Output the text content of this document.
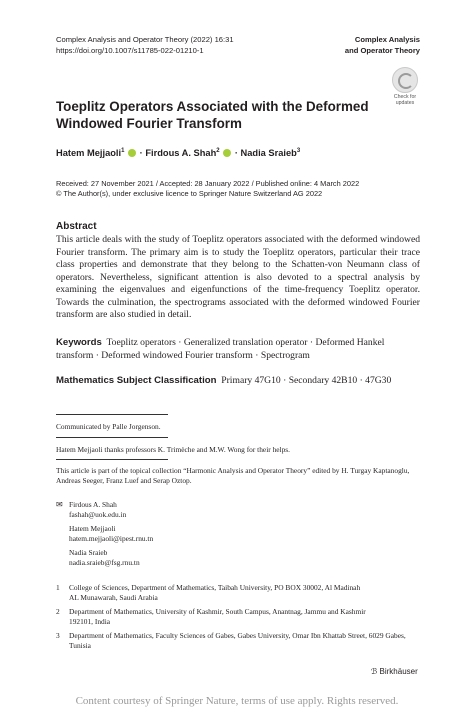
Complex Analysis and Operator Theory (2022) 16:31
https://doi.org/10.1007/s11785-022-01210-1
Complex Analysis
and Operator Theory
Check for
updates
Toeplitz Operators Associated with the Deformed Windowed Fourier Transform
Hatem Mejjaoli$^1$ · Firdous A. Shah$^2$ · Nadia Sraieb$^3$
Received: 27 November 2021 / Accepted: 28 January 2022 / Published online: 4 March 2022
© The Author(s), under exclusive licence to Springer Nature Switzerland AG 2022
Abstract
This article deals with the study of Toeplitz operators associated with the deformed windowed Fourier transform. The primary aim is to study the Toeplitz operators, particular their trace class properties and demonstrate that they belong to the Schatten-von Neumann class of operators. Nevertheless, significant attention is also devoted to a spectral analysis by examining the eigenvalues and eigenfunctions of the time-frequency Toeplitz operator. Towards the culmination, the spectrograms associated with the deformed windowed Fourier transform are also studied in detail.
Keywords Toeplitz operators · Generalized translation operator · Deformed Hankel transform · Deformed windowed Fourier transform · Spectrogram
Mathematics Subject Classification Primary 47G10 · Secondary 42B10 · 47G30
Communicated by Palle Jorgenson.
Hatem Mejjaoli thanks professors K. Trimèche and M.W. Wong for their helps.
This article is part of the topical collection “Harmonic Analysis and Operator Theory” edited by H. Turgay Kaptanoglu, Andreas Seeger, Franz Luef and Serap Oztop.
✉ Firdous A. Shah
fashah@uok.edu.in
Hatem Mejjaoli
hatem.mejjaoli@ipest.rnu.tn
Nadia Sraieb
nadia.sraieb@fsg.rnu.tn
1 College of Sciences, Department of Mathematics, Taibah University, PO BOX 30002, Al Madinah AL Munawarah, Saudi Arabia
2 Department of Mathematics, University of Kashmir, South Campus, Anantnag, Jammu and Kashmir 192101, India
3 Department of Mathematics, Faculty Sciences of Gabes, Gabes University, Omar Ibn Khattab Street, 6029 Gabes, Tunisia
ℬ Birkhäuser
Content courtesy of Springer Nature, terms of use apply. Rights reserved.
